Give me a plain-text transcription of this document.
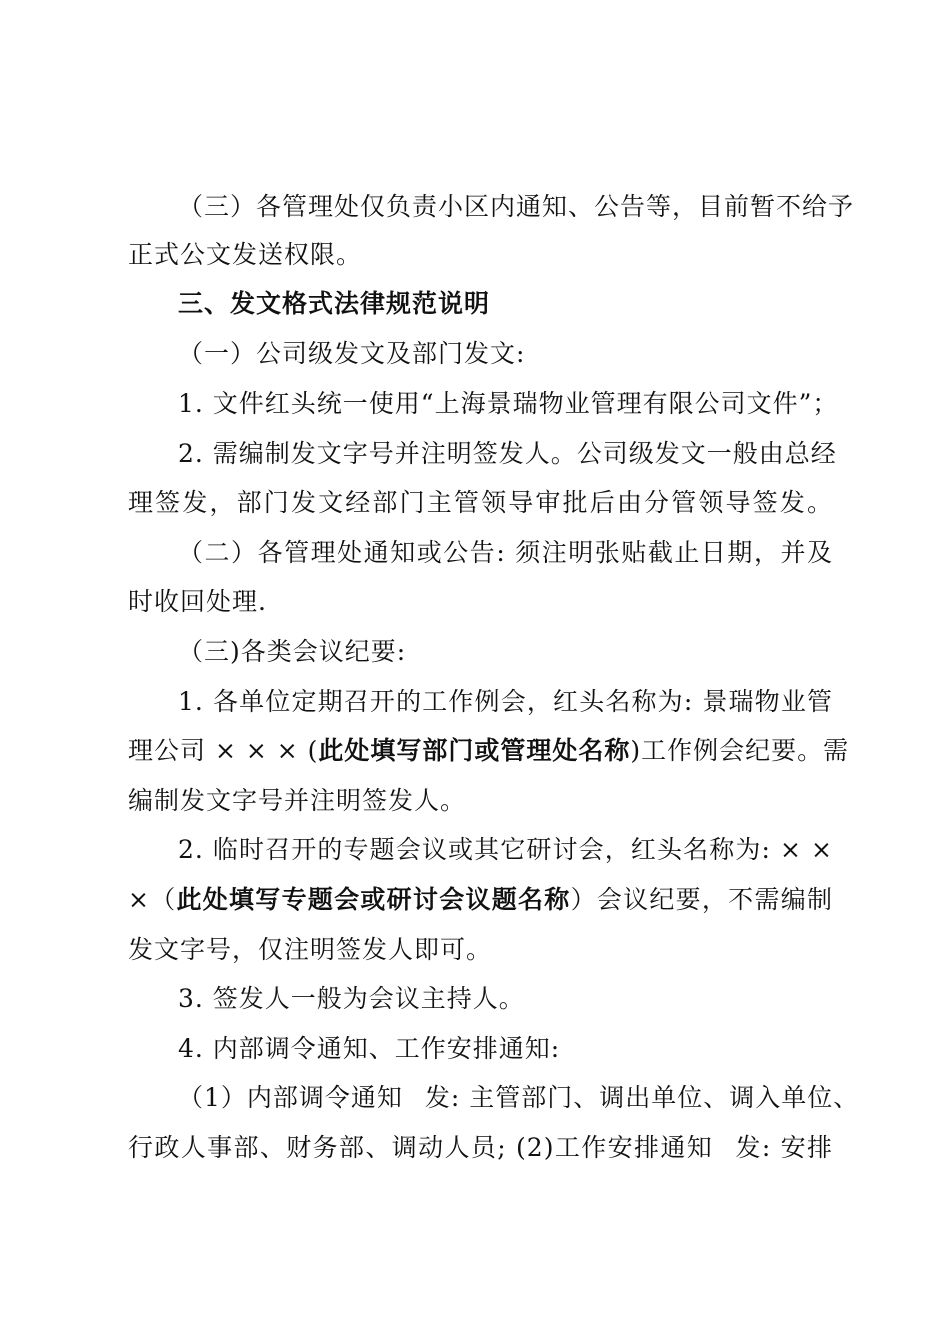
（三）各管理处仅负责小区内通知、公告等，目前暂不给予
正式公文发送权限。
三、发文格式法律规范说明
（一）公司级发文及部门发文:
1. 文件红头统一使用“上海景瑞物业管理有限公司文件”；
2. 需编制发文字号并注明签发人。公司级发文一般由总经
理签发，部门发文经部门主管领导审批后由分管领导签发。
（二）各管理处通知或公告: 须注明张贴截止日期，并及
时收回处理.
（三)各类会议纪要:
1. 各单位定期召开的工作例会，红头名称为: 景瑞物业管
理公司 × × × (此处填写部门或管理处名称)工作例会纪要。需
编制发文字号并注明签发人。
2. 临时召开的专题会议或其它研讨会，红头名称为: × ×
×（此处填写专题会或研讨会议题名称）会议纪要，不需编制
发文字号，仅注明签发人即可。
3. 签发人一般为会议主持人。
4. 内部调令通知、工作安排通知:
（1）内部调令通知 发: 主管部门、调出单位、调入单位、
行政人事部、财务部、调动人员; (2)工作安排通知 发: 安排
